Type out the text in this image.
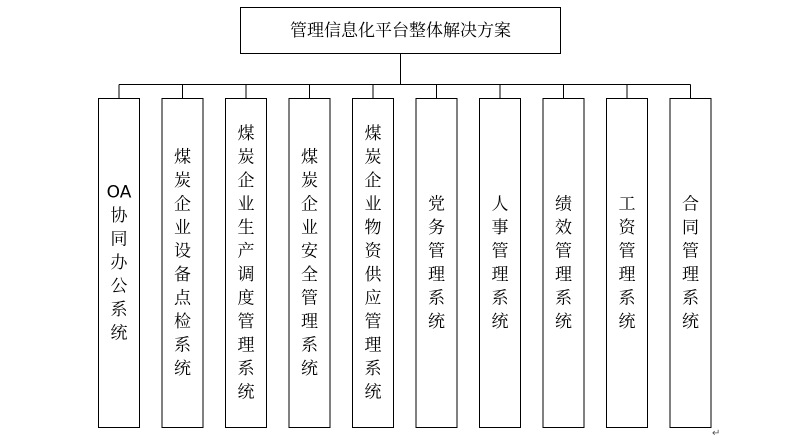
管理信息化平台整体解决方案
OA 协同办公系统
煤炭企业设备点检系统
煤炭企业生产调度管理系统
煤炭企业安全管理系统
煤炭企业物资供应管理系统
党务管理系统
人事管理系统
绩效管理系统
工资管理系统
合同管理系统
↵
